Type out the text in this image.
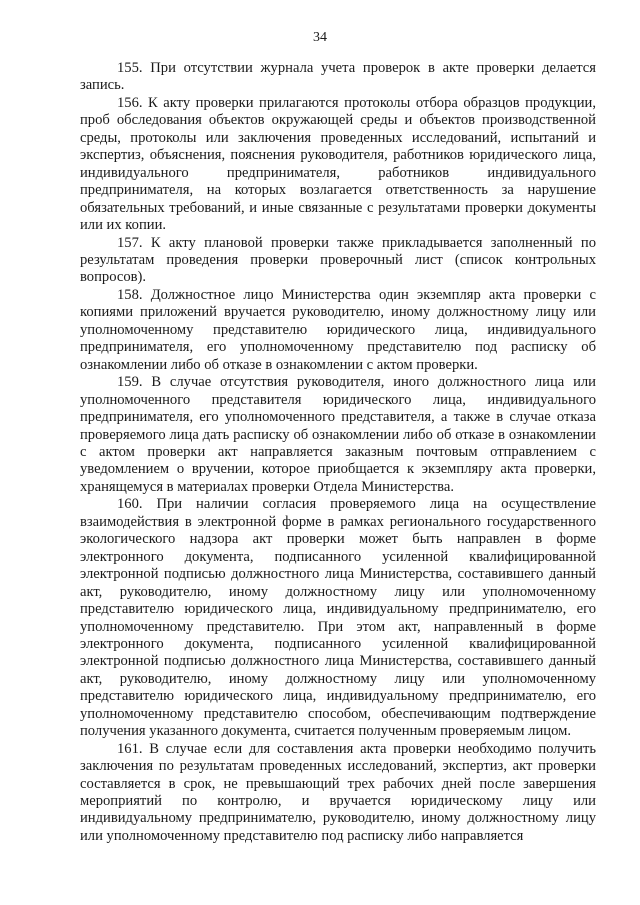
34

155. При отсутствии журнала учета проверок в акте проверки делается запись.

156. К акту проверки прилагаются протоколы отбора образцов продукции, проб обследования объектов окружающей среды и объектов производственной среды, протоколы или заключения проведенных исследований, испытаний и экспертиз, объяснения, пояснения руководителя, работников юридического лица, индивидуального предпринимателя, работников индивидуального предпринимателя, на которых возлагается ответственность за нарушение обязательных требований, и иные связанные с результатами проверки документы или их копии.

157. К акту плановой проверки также прикладывается заполненный по результатам проведения проверки проверочный лист (список контрольных вопросов).

158. Должностное лицо Министерства один экземпляр акта проверки с копиями приложений вручается руководителю, иному должностному лицу или уполномоченному представителю юридического лица, индивидуального предпринимателя, его уполномоченному представителю под расписку об ознакомлении либо об отказе в ознакомлении с актом проверки.

159. В случае отсутствия руководителя, иного должностного лица или уполномоченного представителя юридического лица, индивидуального предпринимателя, его уполномоченного представителя, а также в случае отказа проверяемого лица дать расписку об ознакомлении либо об отказе в ознакомлении с актом проверки акт направляется заказным почтовым отправлением с уведомлением о вручении, которое приобщается к экземпляру акта проверки, хранящемуся в материалах проверки Отдела Министерства.

160. При наличии согласия проверяемого лица на осуществление взаимодействия в электронной форме в рамках регионального государственного экологического надзора акт проверки может быть направлен в форме электронного документа, подписанного усиленной квалифицированной электронной подписью должностного лица Министерства, составившего данный акт, руководителю, иному должностному лицу или уполномоченному представителю юридического лица, индивидуальному предпринимателю, его уполномоченному представителю. При этом акт, направленный в форме электронного документа, подписанного усиленной квалифицированной электронной подписью должностного лица Министерства, составившего данный акт, руководителю, иному должностному лицу или уполномоченному представителю юридического лица, индивидуальному предпринимателю, его уполномоченному представителю способом, обеспечивающим подтверждение получения указанного документа, считается полученным проверяемым лицом.

161. В случае если для составления акта проверки необходимо получить заключения по результатам проведенных исследований, экспертиз, акт проверки составляется в срок, не превышающий трех рабочих дней после завершения мероприятий по контролю, и вручается юридическому лицу или индивидуальному предпринимателю, руководителю, иному должностному лицу или уполномоченному представителю под расписку либо направляется
